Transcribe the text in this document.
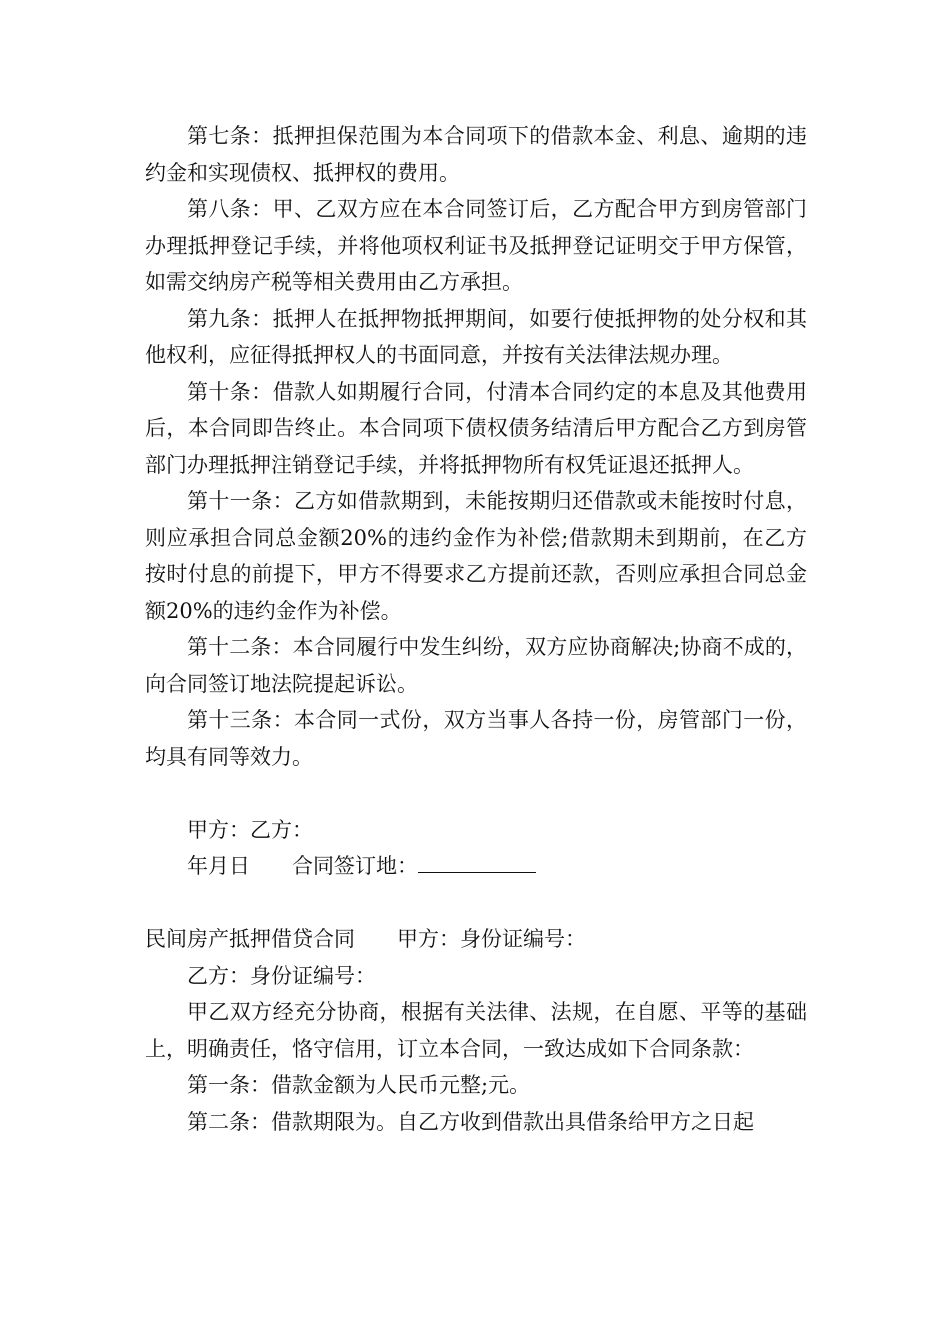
第七条：抵押担保范围为本合同项下的借款本金、利息、逾期的违约金和实现债权、抵押权的费用。

第八条：甲、乙双方应在本合同签订后，乙方配合甲方到房管部门办理抵押登记手续，并将他项权利证书及抵押登记证明交于甲方保管，如需交纳房产税等相关费用由乙方承担。

第九条：抵押人在抵押物抵押期间，如要行使抵押物的处分权和其他权利，应征得抵押权人的书面同意，并按有关法律法规办理。

第十条：借款人如期履行合同，付清本合同约定的本息及其他费用后，本合同即告终止。本合同项下债权债务结清后甲方配合乙方到房管部门办理抵押注销登记手续，并将抵押物所有权凭证退还抵押人。

第十一条：乙方如借款期到，未能按期归还借款或未能按时付息，则应承担合同总金额20%的违约金作为补偿;借款期未到期前，在乙方按时付息的前提下，甲方不得要求乙方提前还款，否则应承担合同总金额20%的违约金作为补偿。

第十二条：本合同履行中发生纠纷，双方应协商解决;协商不成的，向合同签订地法院提起诉讼。

第十三条：本合同一式份，双方当事人各持一份，房管部门一份，均具有同等效力。

甲方：乙方：

年月日 合同签订地：

民间房产抵押借贷合同 甲方：身份证编号：

乙方：身份证编号：

甲乙双方经充分协商，根据有关法律、法规，在自愿、平等的基础上，明确责任，恪守信用，订立本合同，一致达成如下合同条款：

第一条：借款金额为人民币元整;元。

第二条：借款期限为。自乙方收到借款出具借条给甲方之日起
